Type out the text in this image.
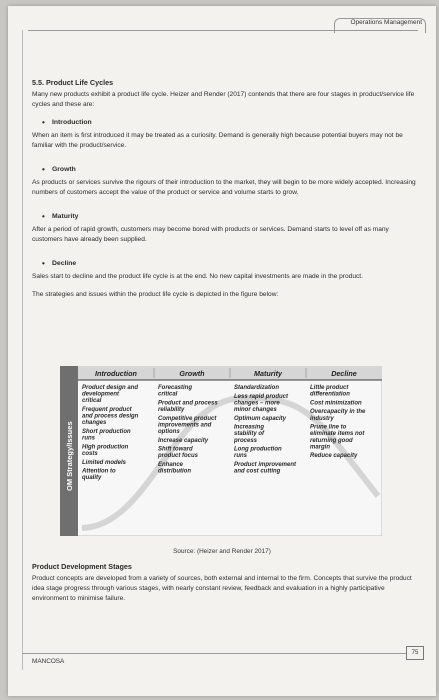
Operations Management
5.5. Product Life Cycles
Many new products exhibit a product life cycle. Heizer and Render (2017) contends that there are four stages in product/service life cycles and these are:
• Introduction
When an item is first introduced it may be treated as a curiosity. Demand is generally high because potential buyers may not be familiar with the product/service.
• Growth
As products or services survive the rigours of their introduction to the market, they will begin to be more widely accepted. Increasing numbers of customers accept the value of the product or service and volume starts to grow.
• Maturity
After a period of rapid growth, customers may become bored with products or services. Demand starts to level off as many customers have already been supplied.
• Decline
Sales start to decline and the product life cycle is at the end. No new capital investments are made in the product.
The strategies and issues within the product life cycle is depicted in the figure below:
OM Strategy/Issues
Introduction
Product design and development critical
Frequent product and process design changes
Short production runs
High production costs
Limited models
Attention to quality
Growth
Forecasting critical
Product and process reliability
Competitive product improvements and options
Increase capacity
Shift toward product focus
Enhance distribution
Maturity
Standardization
Less rapid product changes – more minor changes
Optimum capacity
Increasing stability of process
Long production runs
Product improvement and cost cutting
Decline
Little product differentiation
Cost minimization
Overcapacity in the industry
Prune line to eliminate items not returning good margin
Reduce capacity
Source: (Heizer and Render 2017)
Product Development Stages
Product concepts are developed from a variety of sources, both external and internal to the firm. Concepts that survive the product idea stage progress through various stages, with nearly constant review, feedback and evaluation in a highly participative environment to minimise failure.
MANCOSA
75
